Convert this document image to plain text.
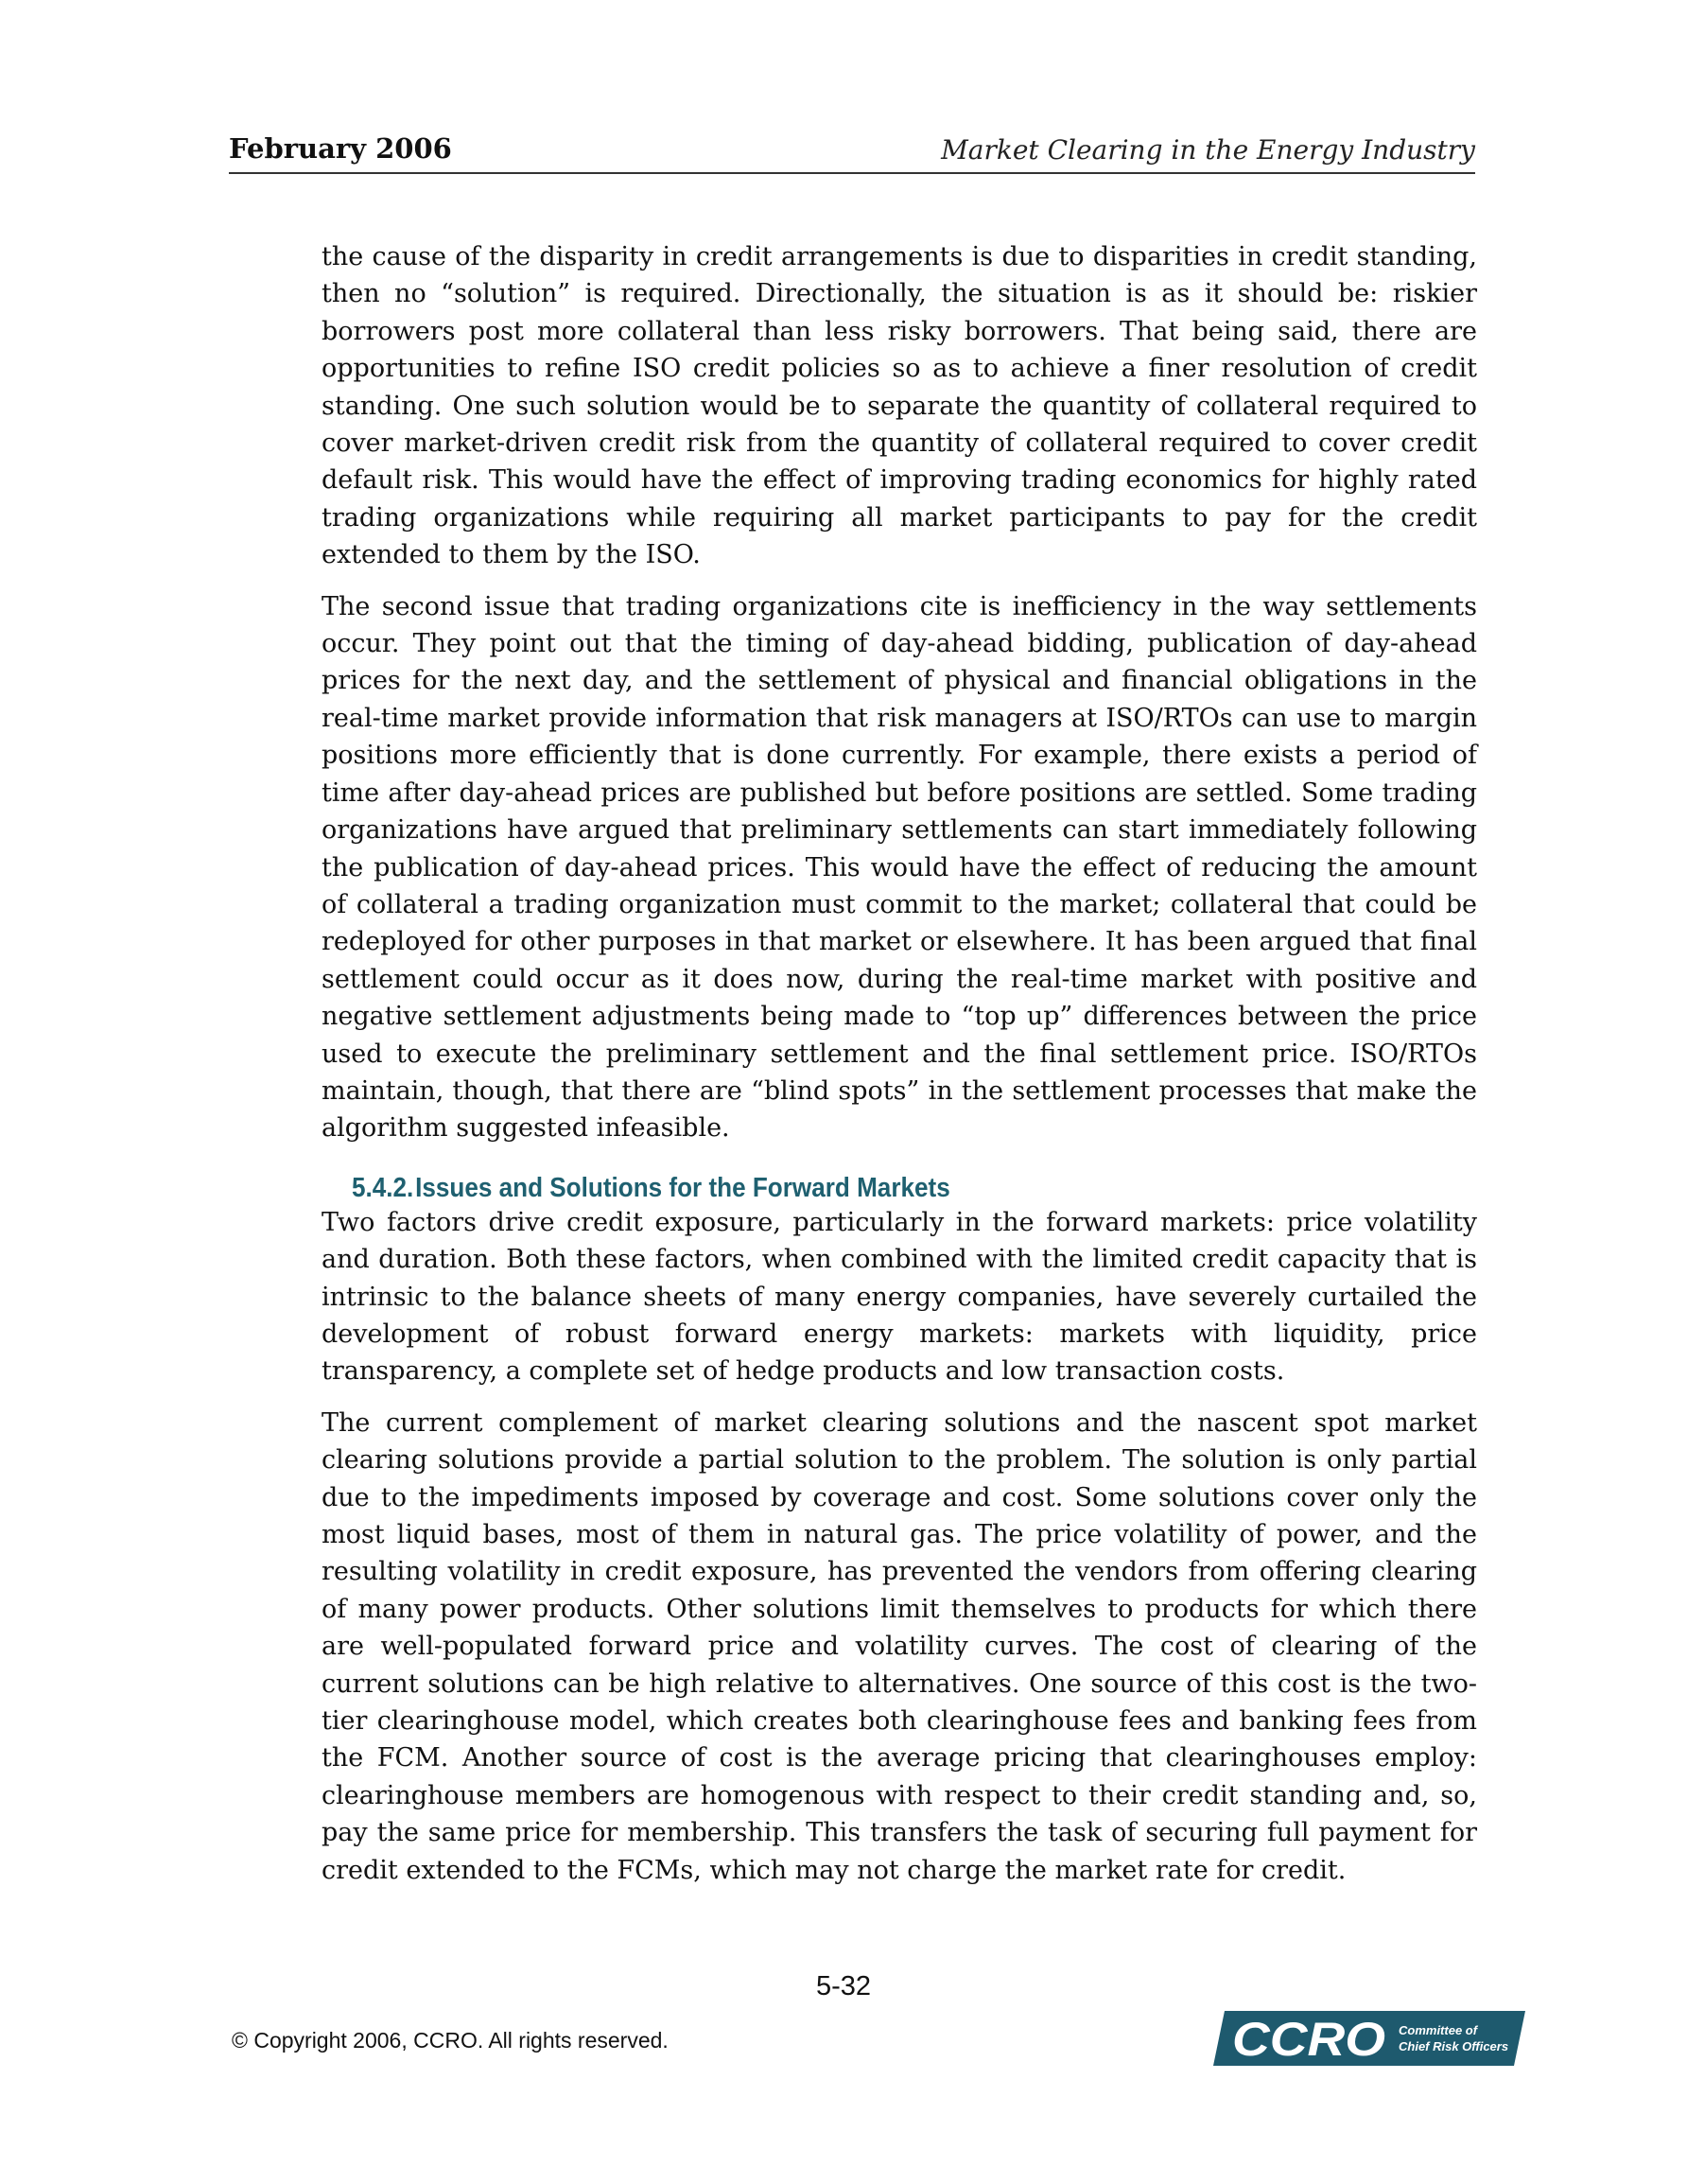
February 2006	Market Clearing in the Energy Industry

the cause of the disparity in credit arrangements is due to disparities in credit standing, then no “solution” is required. Directionally, the situation is as it should be: riskier borrowers post more collateral than less risky borrowers. That being said, there are opportunities to refine ISO credit policies so as to achieve a finer resolution of credit standing. One such solution would be to separate the quantity of collateral required to cover market-driven credit risk from the quantity of collateral required to cover credit default risk. This would have the effect of improving trading economics for highly rated trading organizations while requiring all market participants to pay for the credit extended to them by the ISO.

The second issue that trading organizations cite is inefficiency in the way settlements occur. They point out that the timing of day-ahead bidding, publication of day-ahead prices for the next day, and the settlement of physical and financial obligations in the real-time market provide information that risk managers at ISO/RTOs can use to margin positions more efficiently that is done currently. For example, there exists a period of time after day-ahead prices are published but before positions are settled. Some trading organizations have argued that preliminary settlements can start immediately following the publication of day-ahead prices. This would have the effect of reducing the amount of collateral a trading organization must commit to the market; collateral that could be redeployed for other purposes in that market or elsewhere. It has been argued that final settlement could occur as it does now, during the real-time market with positive and negative settlement adjustments being made to “top up” differences between the price used to execute the preliminary settlement and the final settlement price. ISO/RTOs maintain, though, that there are “blind spots” in the settlement processes that make the algorithm suggested infeasible.

5.4.2.Issues and Solutions for the Forward Markets

Two factors drive credit exposure, particularly in the forward markets: price volatility and duration. Both these factors, when combined with the limited credit capacity that is intrinsic to the balance sheets of many energy companies, have severely curtailed the development of robust forward energy markets: markets with liquidity, price transparency, a complete set of hedge products and low transaction costs.

The current complement of market clearing solutions and the nascent spot market clearing solutions provide a partial solution to the problem. The solution is only partial due to the impediments imposed by coverage and cost. Some solutions cover only the most liquid bases, most of them in natural gas. The price volatility of power, and the resulting volatility in credit exposure, has prevented the vendors from offering clearing of many power products. Other solutions limit themselves to products for which there are well-populated forward price and volatility curves. The cost of clearing of the current solutions can be high relative to alternatives. One source of this cost is the two-tier clearinghouse model, which creates both clearinghouse fees and banking fees from the FCM. Another source of cost is the average pricing that clearinghouses employ: clearinghouse members are homogenous with respect to their credit standing and, so, pay the same price for membership. This transfers the task of securing full payment for credit extended to the FCMs, which may not charge the market rate for credit.

5-32
© Copyright 2006, CCRO. All rights reserved.	CCRO Committee of
Chief Risk Officers
